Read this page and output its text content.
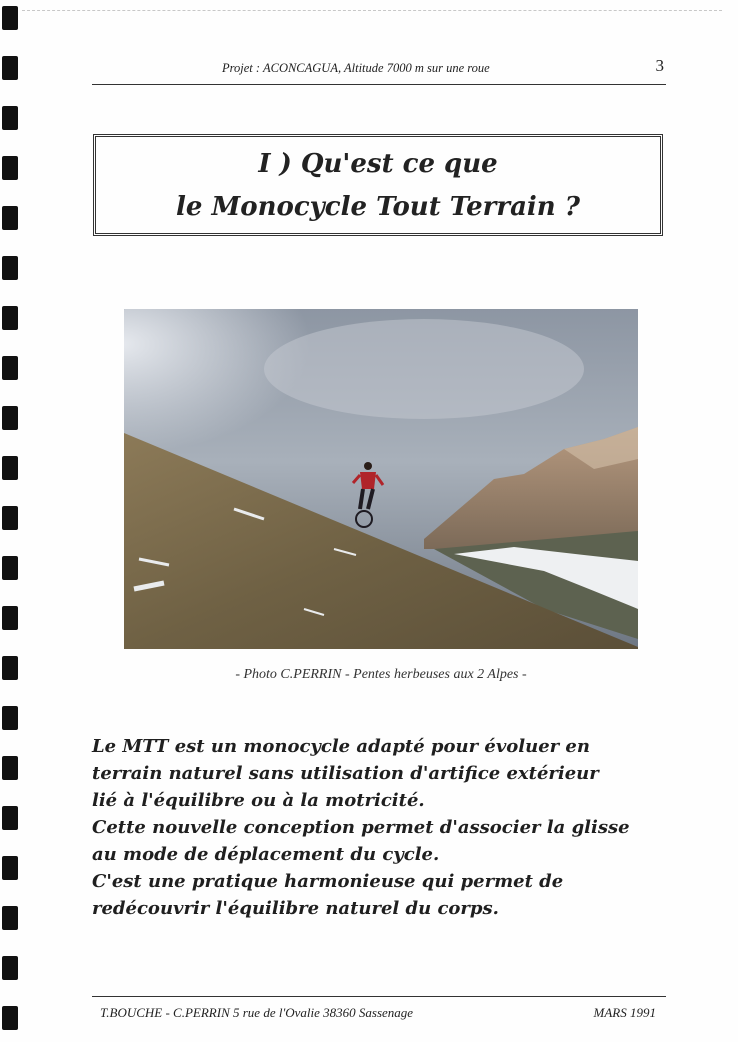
Projet : ACONCAGUA, Altitude 7000 m sur une roue	3
I ) Qu'est ce que
le Monocycle Tout Terrain ?
- Photo C.PERRIN - Pentes herbeuses aux 2 Alpes -
Le MTT est un monocycle adapté pour évoluer en
terrain naturel sans utilisation d'artifice extérieur
lié à l'équilibre ou à la motricité.
Cette nouvelle conception permet d'associer la glisse
au mode de déplacement du cycle.
C'est une pratique harmonieuse qui permet de
redécouvrir l'équilibre naturel du corps.
T.BOUCHE - C.PERRIN 5 rue de l'Ovalie 38360 Sassenage	MARS 1991
